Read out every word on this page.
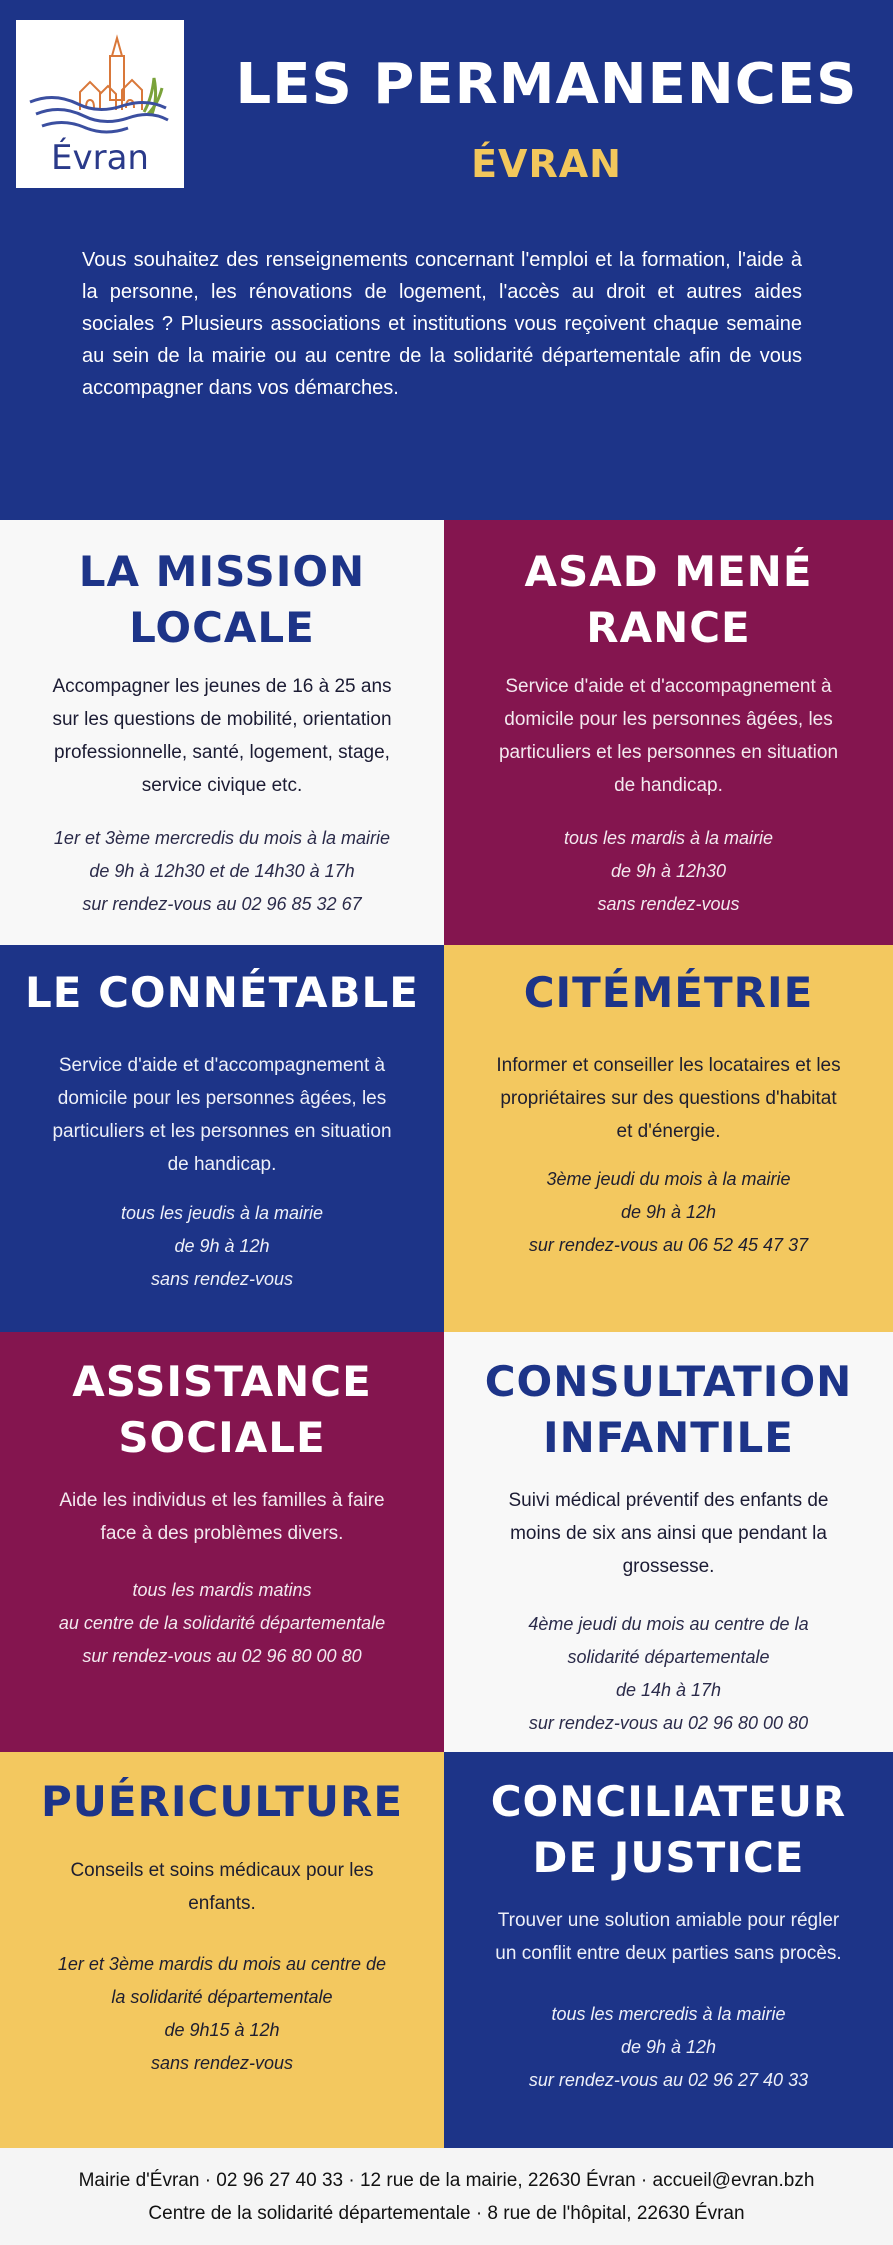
Évran
LES PERMANENCES
ÉVRAN
Vous souhaitez des renseignements concernant l'emploi et la formation, l'aide à la personne, les rénovations de logement, l'accès au droit et autres aides sociales ? Plusieurs associations et institutions vous reçoivent chaque semaine au sein de la mairie ou au centre de la solidarité départementale afin de vous accompagner dans vos démarches.
LA MISSION
LOCALE
Accompagner les jeunes de 16 à 25 ans
sur les questions de mobilité, orientation
professionnelle, santé, logement, stage,
service civique etc.
1er et 3ème mercredis du mois à la mairie
de 9h à 12h30 et de 14h30 à 17h
sur rendez-vous au 02 96 85 32 67
ASAD MENÉ
RANCE
Service d'aide et d'accompagnement à
domicile pour les personnes âgées, les
particuliers et les personnes en situation
de handicap.
tous les mardis à la mairie
de 9h à 12h30
sans rendez-vous
LE CONNÉTABLE
Service d'aide et d'accompagnement à
domicile pour les personnes âgées, les
particuliers et les personnes en situation
de handicap.
tous les jeudis à la mairie
de 9h à 12h
sans rendez-vous
CITÉMÉTRIE
Informer et conseiller les locataires et les
propriétaires sur des questions d'habitat
et d'énergie.
3ème jeudi du mois à la mairie
de 9h à 12h
sur rendez-vous au 06 52 45 47 37
ASSISTANCE
SOCIALE
Aide les individus et les familles à faire
face à des problèmes divers.
tous les mardis matins
au centre de la solidarité départementale
sur rendez-vous au 02 96 80 00 80
CONSULTATION
INFANTILE
Suivi médical préventif des enfants de
moins de six ans ainsi que pendant la
grossesse.
4ème jeudi du mois au centre de la
solidarité départementale
de 14h à 17h
sur rendez-vous au 02 96 80 00 80
PUÉRICULTURE
Conseils et soins médicaux pour les
enfants.
1er et 3ème mardis du mois au centre de
la solidarité départementale
de 9h15 à 12h
sans rendez-vous
CONCILIATEUR
DE JUSTICE
Trouver une solution amiable pour régler
un conflit entre deux parties sans procès.
tous les mercredis à la mairie
de 9h à 12h
sur rendez-vous au 02 96 27 40 33
Mairie d'Évran · 02 96 27 40 33 · 12 rue de la mairie, 22630 Évran · accueil@evran.bzh
Centre de la solidarité départementale · 8 rue de l'hôpital, 22630 Évran
